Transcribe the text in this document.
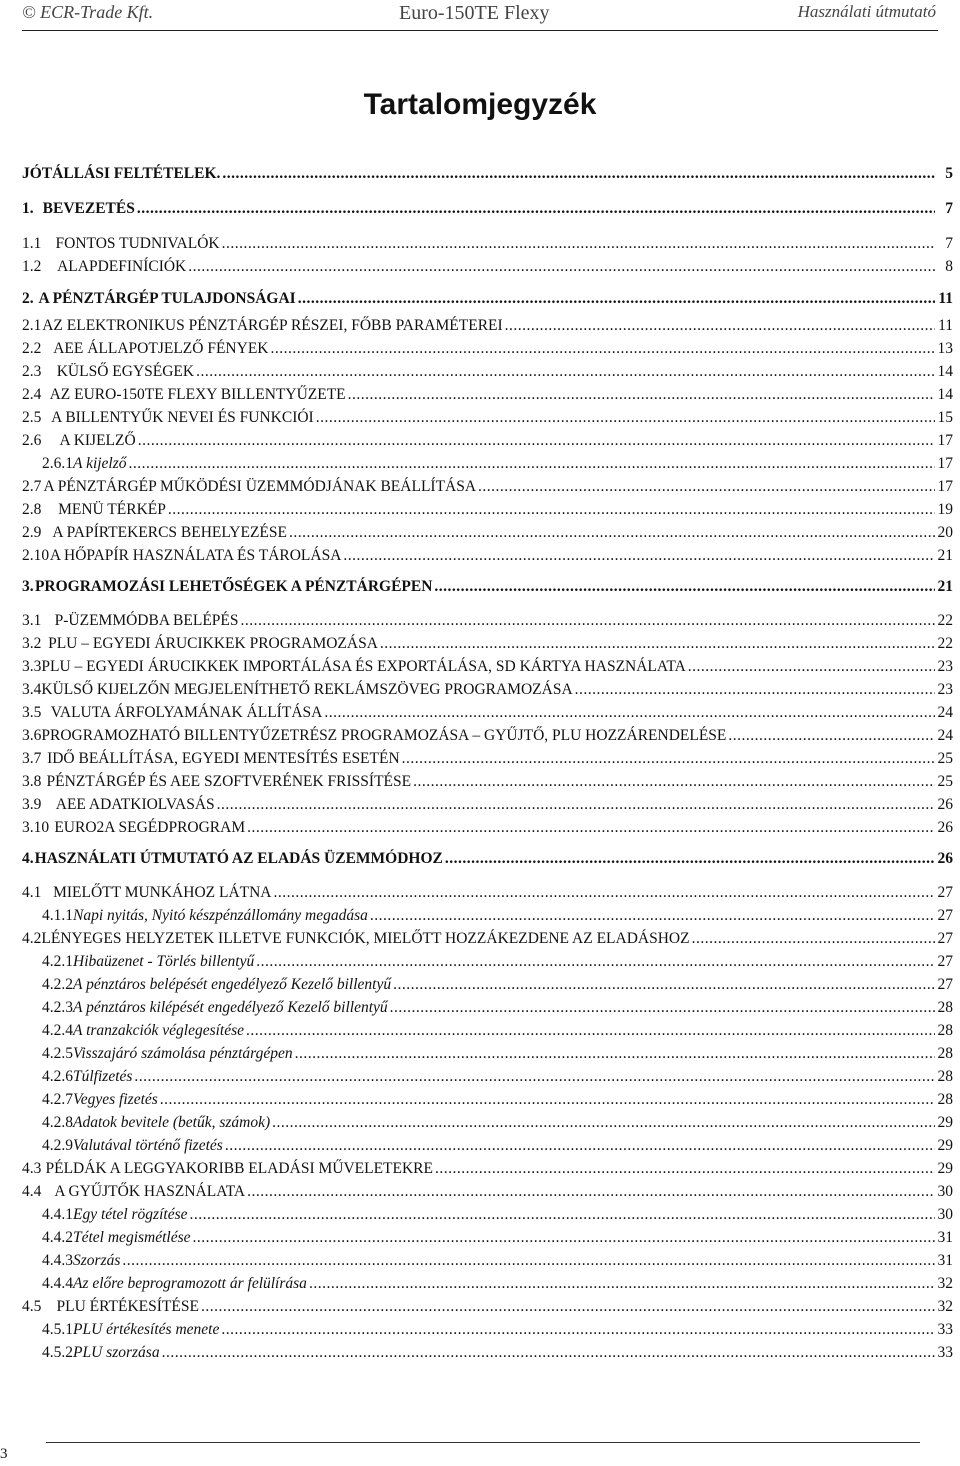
© ECR-Trade Kft.	Euro-150TE Flexy	Használati útmutató
Tartalomjegyzék
JÓTÁLLÁSI FELTÉTELEK. .....	5
1. BEVEZETÉS .....	7
1.1 FONTOS TUDNIVALÓK .....	7
1.2	ALAPDEFINÍCIÓK .....	8
2. A PÉNZTÁRGÉP TULAJDONSÁGAI .....	11
2.1 AZ ELEKTRONIKUS PÉNZTÁRGÉP RÉSZEI, FŐBB PARAMÉTEREI .....	11
2.2 AEE ÁLLAPOTJELZŐ FÉNYEK .....	13
2.3 KÜLSŐ EGYSÉGEK .....	14
2.4 AZ EURO-150TE FLEXY BILLENTYŰZETE .....	14
2.5 A BILLENTYŰK NEVEI ÉS FUNKCIÓI .....	15
2.6	A KIJELZŐ .....	17
2.6.1 A kijelző .....	17
2.7 A PÉNZTÁRGÉP MŰKÖDÉSI ÜZEMMÓDJÁNAK BEÁLLÍTÁSA .....	17
2.8	MENÜ TÉRKÉP .....	19
2.9 A PAPÍRTEKERCS BEHELYEZÉSE .....	20
2.10 A HŐPAPÍR HASZNÁLATA ÉS TÁROLÁSA .....	21
3. PROGRAMOZÁSI LEHETŐSÉGEK A PÉNZTÁRGÉPEN .....	21
3.1 P-ÜZEMMÓDBA BELÉPÉS .....	22
3.2 PLU – EGYEDI ÁRUCIKKEK PROGRAMOZÁSA .....	22
3.3 PLU – EGYEDI ÁRUCIKKEK IMPORTÁLÁSA ÉS EXPORTÁLÁSA, SD KÁRTYA HASZNÁLATA .....	23
3.4 KÜLSŐ KIJELZŐN MEGJELENÍTHETŐ REKLÁMSZÖVEG PROGRAMOZÁSA .....	23
3.5 VALUTA ÁRFOLYAMÁNAK ÁLLÍTÁSA .....	24
3.6 PROGRAMOZHATÓ BILLENTYŰZETRÉSZ PROGRAMOZÁSA – GYŰJTŐ, PLU HOZZÁRENDELÉSE .....	24
3.7 IDŐ BEÁLLÍTÁSA, EGYEDI MENTESÍTÉS ESETÉN .....	25
3.8 PÉNZTÁRGÉP ÉS AEE SZOFTVERÉNEK FRISSÍTÉSE .....	25
3.9 AEE ADATKIOLVASÁS .....	26
3.10 EURO2A SEGÉDPROGRAM .....	26
4. HASZNÁLATI ÚTMUTATÓ AZ ELADÁS ÜZEMMÓDHOZ .....	26
4.1 MIELŐTT MUNKÁHOZ LÁTNA .....	27
4.1.1 Napi nyitás, Nyitó készpénzállomány megadása .....	27
4.2 LÉNYEGES HELYZETEK ILLETVE FUNKCIÓK, MIELŐTT HOZZÁKEZDENE AZ ELADÁSHOZ .....	27
4.2.1 Hibaüzenet - Törlés billentyű .....	27
4.2.2 A pénztáros belépését engedélyező Kezelő billentyű .....	27
4.2.3 A pénztáros kilépését engedélyező Kezelő billentyű .....	28
4.2.4 A tranzakciók véglegesítése .....	28
4.2.5 Visszajáró számolása pénztárgépen .....	28
4.2.6 Túlfizetés .....	28
4.2.7 Vegyes fizetés .....	28
4.2.8 Adatok bevitele (betűk, számok) .....	29
4.2.9 Valutával történő fizetés .....	29
4.3 PÉLDÁK A LEGGYAKORIBB ELADÁSI MŰVELETEKRE .....	29
4.4 A GYŰJTŐK HASZNÁLATA .....	30
4.4.1 Egy tétel rögzítése .....	30
4.4.2 Tétel megismétlése .....	31
4.4.3 Szorzás .....	31
4.4.4 Az előre beprogramozott ár felülírása .....	32
4.5 PLU ÉRTÉKESÍTÉSE .....	32
4.5.1 PLU értékesítés menete .....	33
4.5.2 PLU szorzása .....	33
3
